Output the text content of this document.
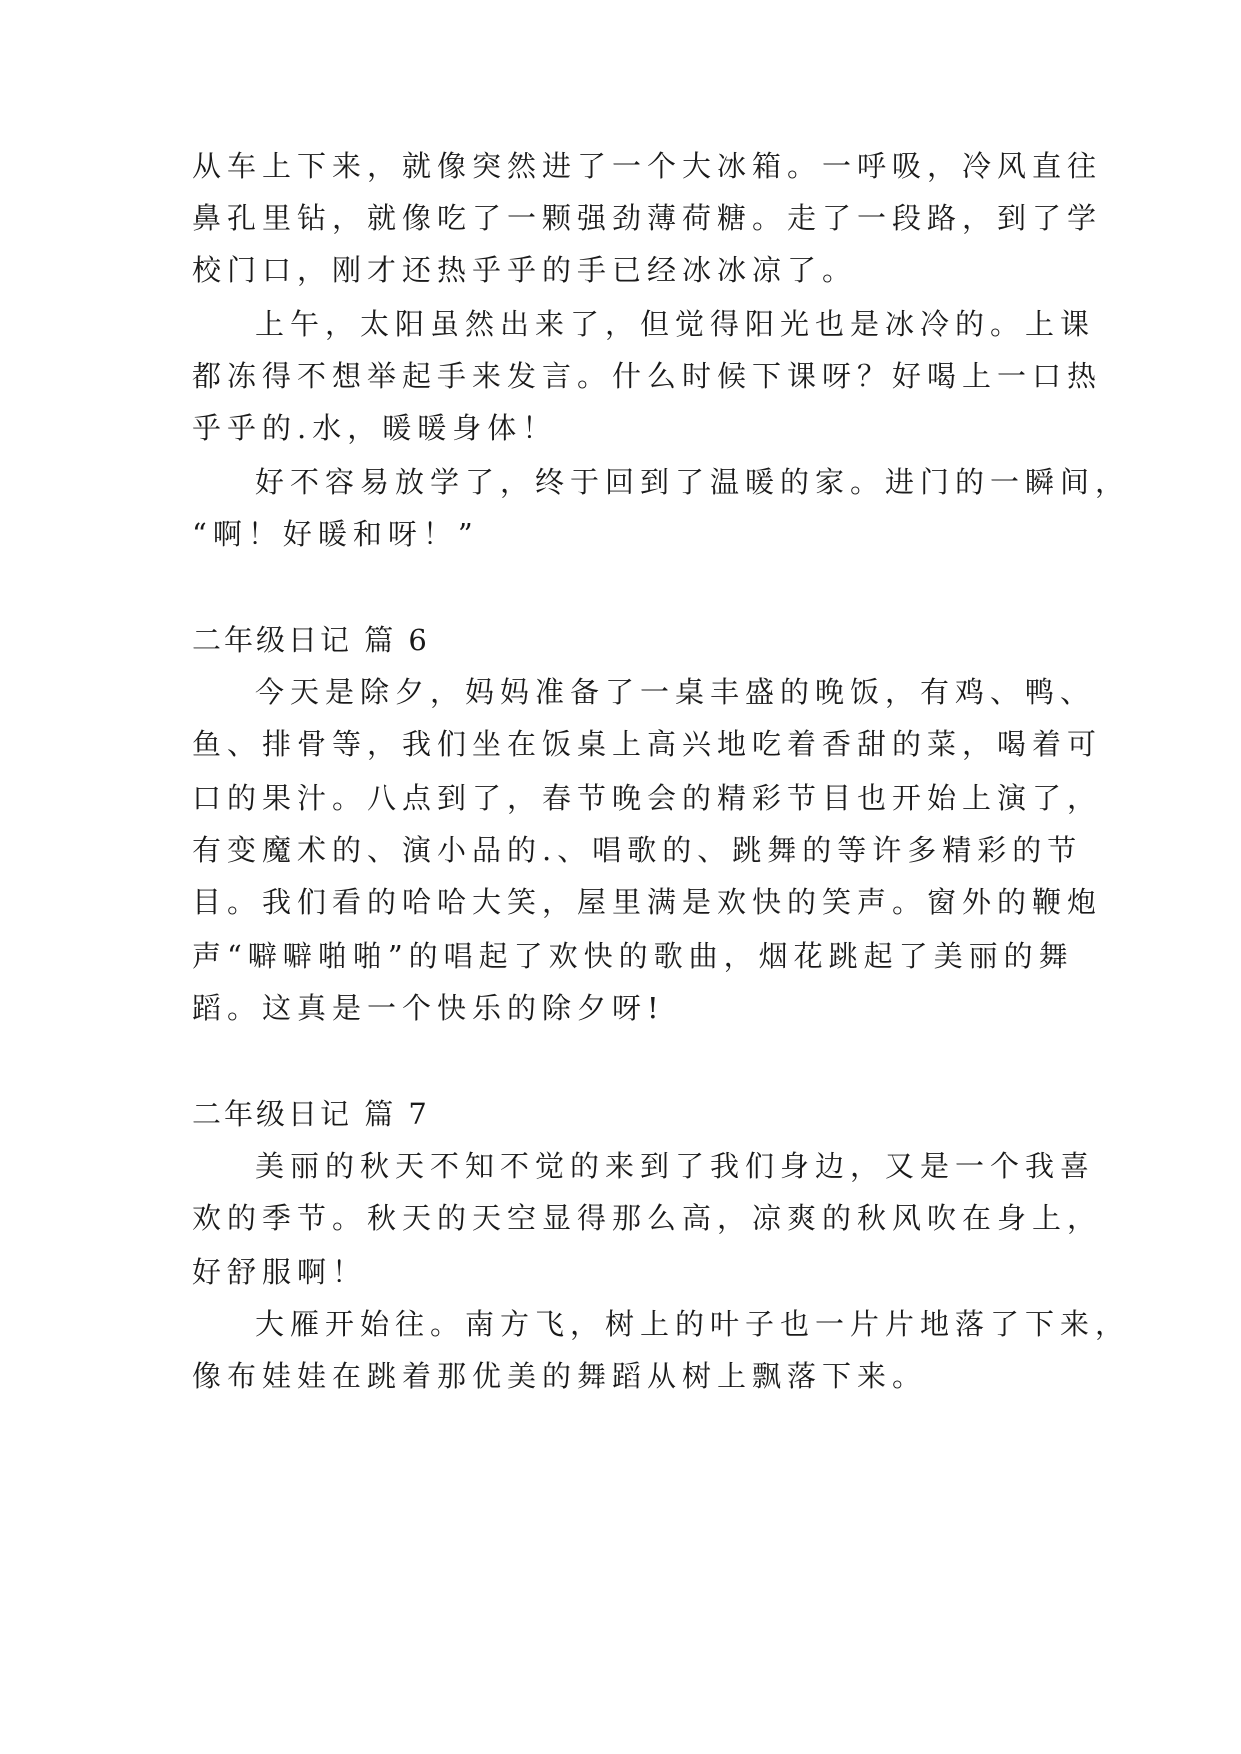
从车上下来，就像突然进了一个大冰箱。一呼吸，冷风直往
鼻孔里钻，就像吃了一颗强劲薄荷糖。走了一段路，到了学
校门口，刚才还热乎乎的手已经冰冰凉了。
上午，太阳虽然出来了，但觉得阳光也是冰冷的。上课
都冻得不想举起手来发言。什么时候下课呀？好喝上一口热
乎乎的.水，暖暖身体！
好不容易放学了，终于回到了温暖的家。进门的一瞬间，
“啊！好暖和呀！”
二年级日记 篇 6
今天是除夕，妈妈准备了一桌丰盛的晚饭，有鸡、鸭、
鱼、排骨等，我们坐在饭桌上高兴地吃着香甜的菜，喝着可
口的果汁。八点到了，春节晚会的精彩节目也开始上演了，
有变魔术的、演小品的.、唱歌的、跳舞的等许多精彩的节
目。我们看的哈哈大笑，屋里满是欢快的笑声。窗外的鞭炮
声“噼噼啪啪”的唱起了欢快的歌曲，烟花跳起了美丽的舞
蹈。这真是一个快乐的除夕呀!
二年级日记 篇 7
美丽的秋天不知不觉的来到了我们身边，又是一个我喜
欢的季节。秋天的天空显得那么高，凉爽的秋风吹在身上，
好舒服啊！
大雁开始往。南方飞，树上的叶子也一片片地落了下来，
像布娃娃在跳着那优美的舞蹈从树上飘落下来。
